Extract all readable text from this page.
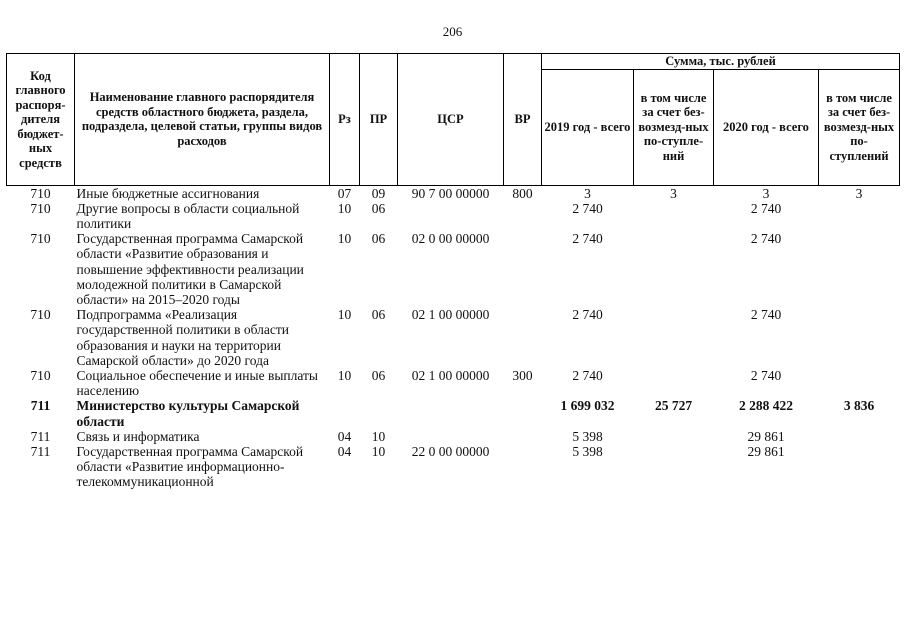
206
Код главного распоря-дителя бюджет-ных средств	Наименование главного распорядителя средств областного бюджета, раздела, подраздела, целевой статьи, группы видов расходов	Рз	ПР	ЦСР	ВР	Сумма, тыс. рублей			
						2019 год - всего	в том числе за счет без-возмезд-ных по-ступле-ний	2020 год - всего	в том числе за счет без-возмезд-ных по-ступлений
710	Иные бюджетные ассигнования	07	09	90 7 00 00000	800	3	3	3	3
710	Другие вопросы в области социальной политики	10	06			2 740		2 740	
710	Государственная программа Самарской области «Развитие образования и повышение эффективности реализации молодежной политики в Самарской области» на 2015–2020 годы	10	06	02 0 00 00000		2 740		2 740	
710	Подпрограмма «Реализация государственной политики в области образования и науки на территории Самарской области» до 2020 года	10	06	02 1 00 00000		2 740		2 740	
710	Социальное обеспечение и иные выплаты населению	10	06	02 1 00 00000	300	2 740		2 740	
711	Министерство культуры Самарской области					1 699 032	25 727	2 288 422	3 836
711	Связь и информатика	04	10			5 398		29 861	
711	Государственная программа Самарской области «Развитие информационно-телекоммуникационной	04	10	22 0 00 00000		5 398		29 861	
